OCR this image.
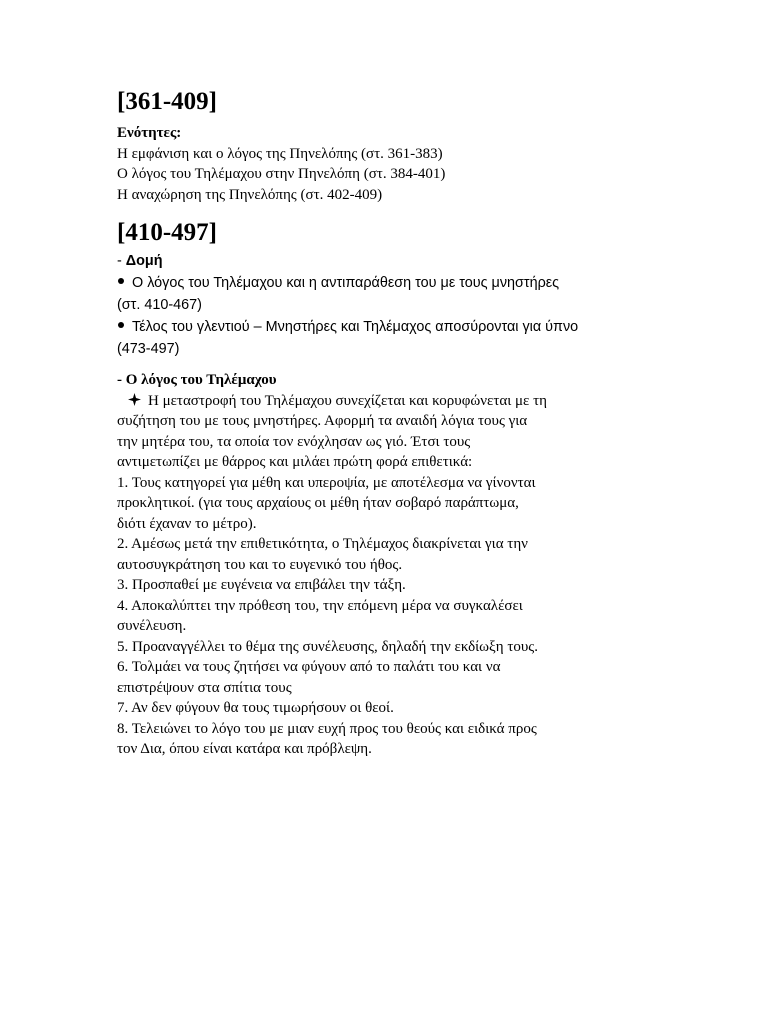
[361-409]
Ενότητες:
Η εμφάνιση και ο λόγος της Πηνελόπης (στ. 361-383)
Ο λόγος του Τηλέμαχου στην Πηνελόπη (στ. 384-401)
Η αναχώρηση της Πηνελόπης (στ. 402-409)
[410-497]
- Δομή
Ο λόγος του Τηλέμαχου και η αντιπαράθεση του με τους μνηστήρες
(στ. 410-467)
Τέλος του γλεντιού – Μνηστήρες και Τηλέμαχος αποσύρονται για ύπνο
(473-497)
- Ο λόγος του Τηλέμαχου
Η μεταστροφή του Τηλέμαχου συνεχίζεται και κορυφώνεται με τη
συζήτηση του με τους μνηστήρες. Αφορμή τα αναιδή λόγια τους για
την μητέρα του, τα οποία τον ενόχλησαν ως γιό. Έτσι τους
αντιμετωπίζει με θάρρος και μιλάει πρώτη φορά επιθετικά:
1. Τους κατηγορεί για μέθη και υπεροψία, με αποτέλεσμα να γίνονται
προκλητικοί. (για τους αρχαίους οι μέθη ήταν σοβαρό παράπτωμα,
διότι έχαναν το μέτρο).
2. Αμέσως μετά την επιθετικότητα, ο Τηλέμαχος διακρίνεται για την
αυτοσυγκράτηση του και το ευγενικό του ήθος.
3. Προσπαθεί με ευγένεια να επιβάλει την τάξη.
4. Αποκαλύπτει την πρόθεση του, την επόμενη μέρα να συγκαλέσει
συνέλευση.
5. Προαναγγέλλει το θέμα της συνέλευσης, δηλαδή την εκδίωξη τους.
6. Τολμάει να τους ζητήσει να φύγουν από το παλάτι του και να
επιστρέψουν στα σπίτια τους
7. Αν δεν φύγουν θα τους τιμωρήσουν οι θεοί.
8. Τελειώνει το λόγο του με μιαν ευχή προς του θεούς και ειδικά προς
τον Δια, όπου είναι κατάρα και πρόβλεψη.
